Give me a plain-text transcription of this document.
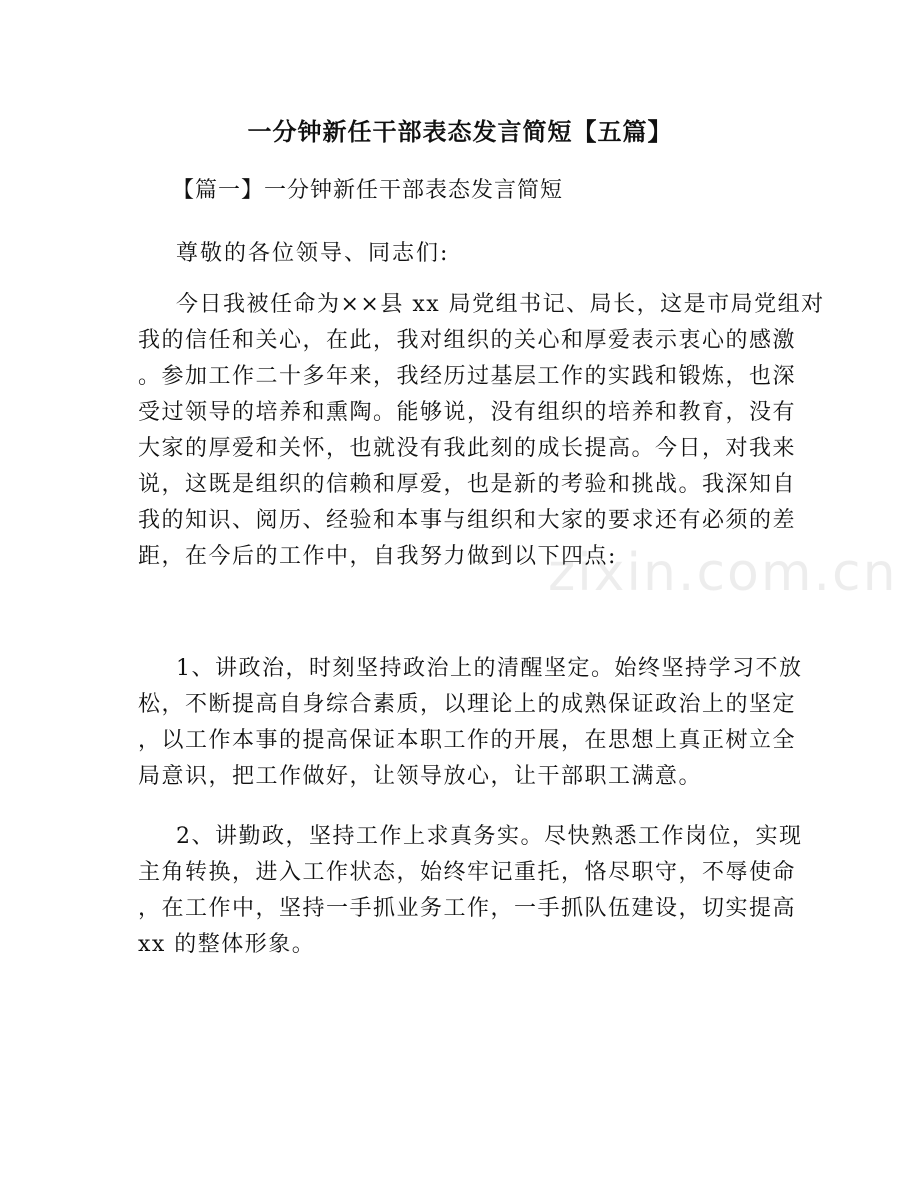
zixin.com.cn
一分钟新任干部表态发言简短【五篇】
【篇一】一分钟新任干部表态发言简短
尊敬的各位领导、同志们:
今日我被任命为××县 xx 局党组书记、局长，这是市局党组对
我的信任和关心，在此，我对组织的关心和厚爱表示衷心的感激
。参加工作二十多年来，我经历过基层工作的实践和锻炼，也深
受过领导的培养和熏陶。能够说，没有组织的培养和教育，没有
大家的厚爱和关怀，也就没有我此刻的成长提高。今日，对我来
说，这既是组织的信赖和厚爱，也是新的考验和挑战。我深知自
我的知识、阅历、经验和本事与组织和大家的要求还有必须的差
距，在今后的工作中，自我努力做到以下四点:
1、讲政治，时刻坚持政治上的清醒坚定。始终坚持学习不放
松，不断提高自身综合素质，以理论上的成熟保证政治上的坚定
，以工作本事的提高保证本职工作的开展，在思想上真正树立全
局意识，把工作做好，让领导放心，让干部职工满意。
2、讲勤政，坚持工作上求真务实。尽快熟悉工作岗位，实现
主角转换，进入工作状态，始终牢记重托，恪尽职守，不辱使命
，在工作中，坚持一手抓业务工作，一手抓队伍建设，切实提高
xx 的整体形象。
